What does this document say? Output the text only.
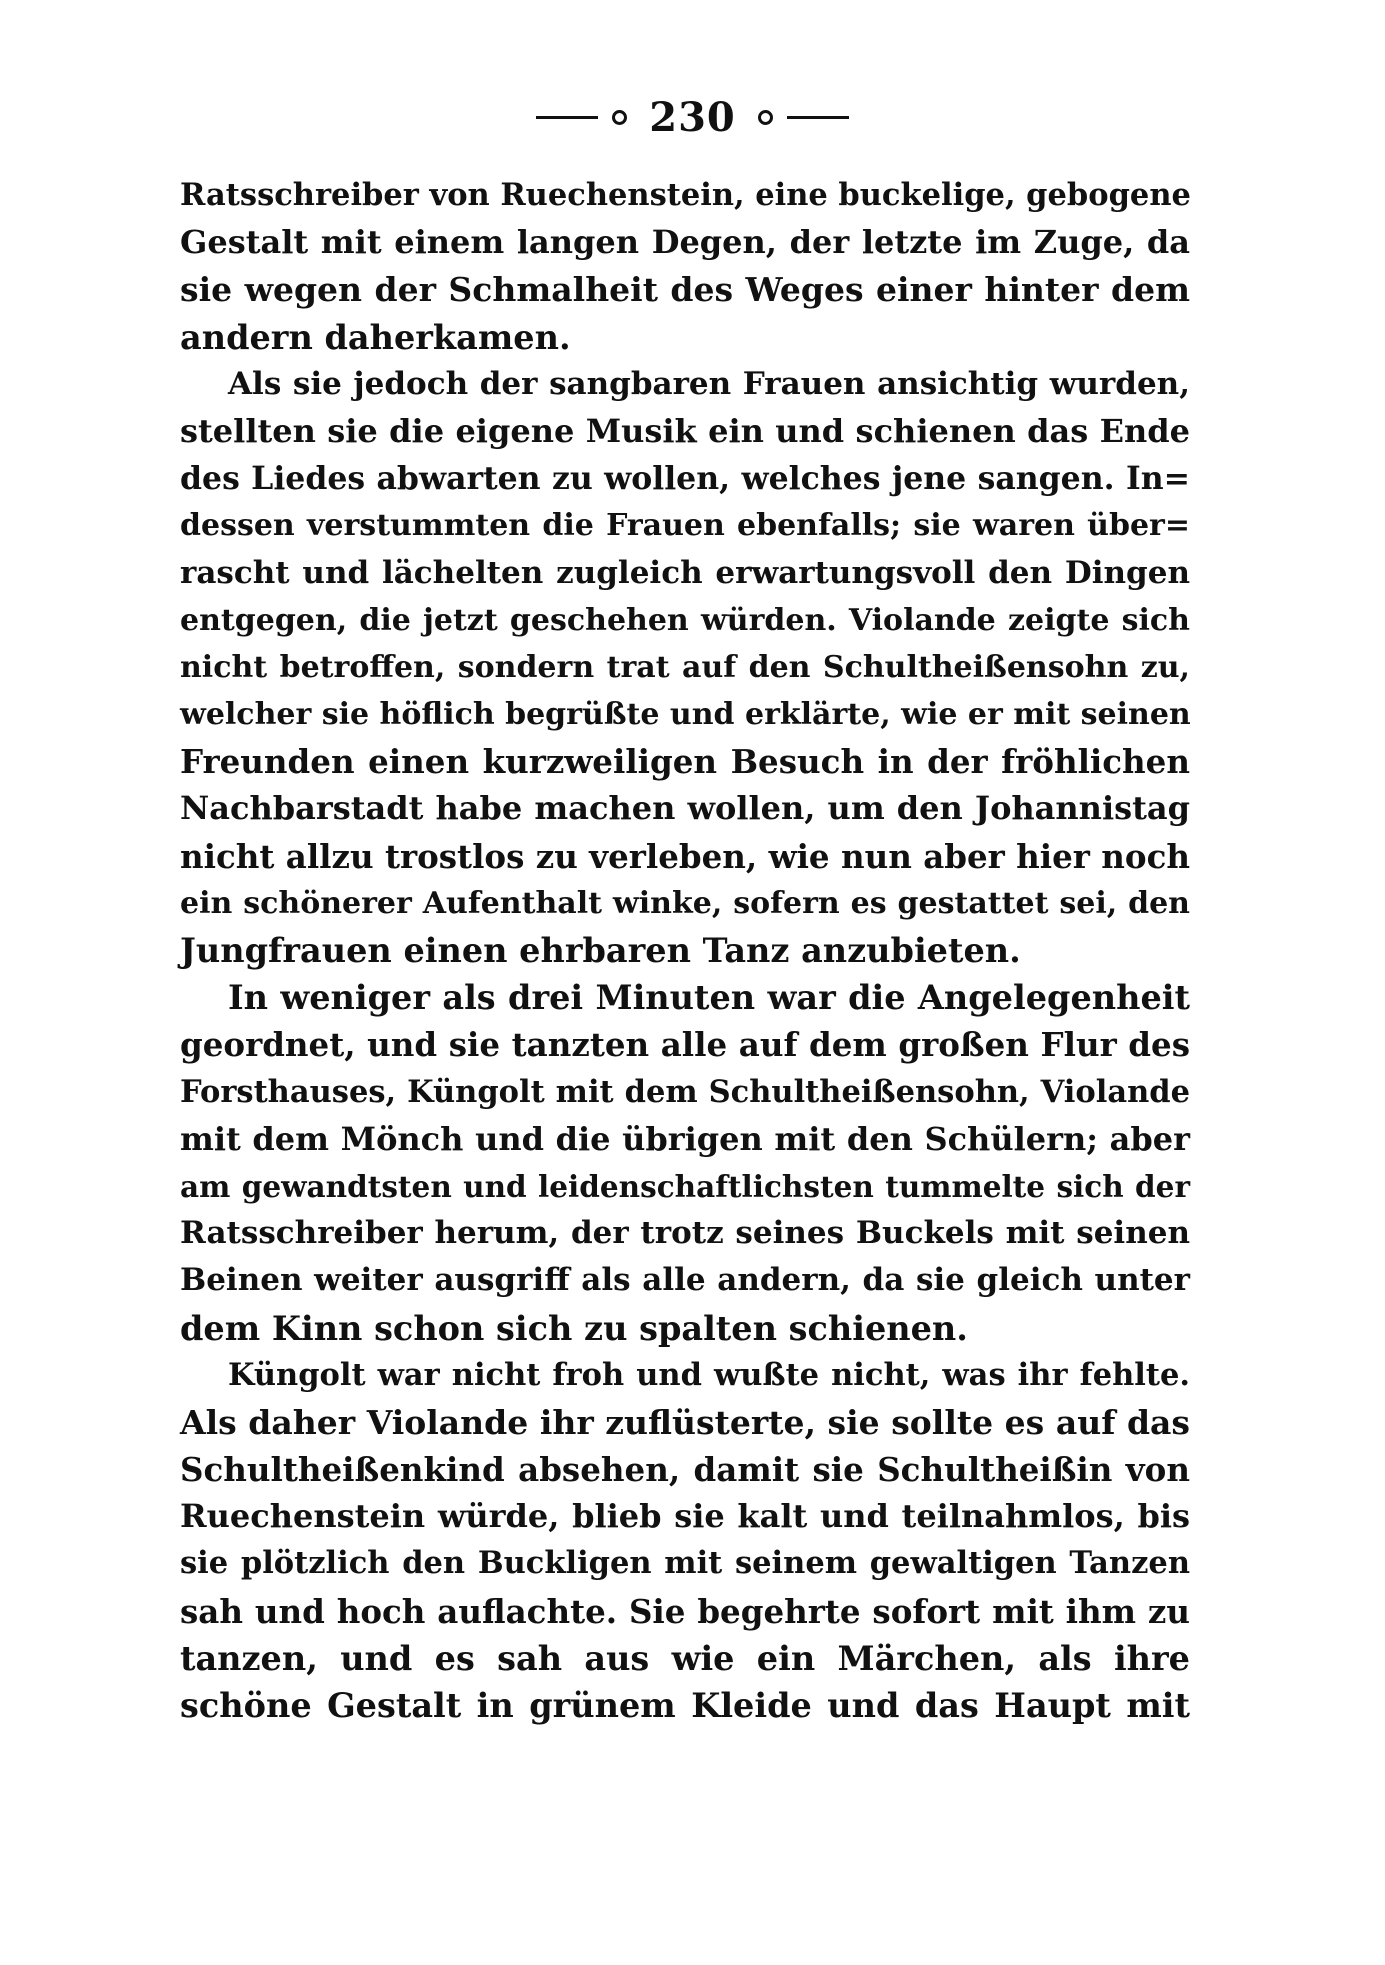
230
Ratsschreiber von Ruechenstein, eine buckelige, gebogene
Gestalt mit einem langen Degen, der letzte im Zuge, da
sie wegen der Schmalheit des Weges einer hinter dem
andern daherkamen.
Als sie jedoch der sangbaren Frauen ansichtig wurden,
stellten sie die eigene Musik ein und schienen das Ende
des Liedes abwarten zu wollen, welches jene sangen. In=
dessen verstummten die Frauen ebenfalls; sie waren über=
rascht und lächelten zugleich erwartungsvoll den Dingen
entgegen, die jetzt geschehen würden. Violande zeigte sich
nicht betroffen, sondern trat auf den Schultheißensohn zu,
welcher sie höflich begrüßte und erklärte, wie er mit seinen
Freunden einen kurzweiligen Besuch in der fröhlichen
Nachbarstadt habe machen wollen, um den Johannistag
nicht allzu trostlos zu verleben, wie nun aber hier noch
ein schönerer Aufenthalt winke, sofern es gestattet sei, den
Jungfrauen einen ehrbaren Tanz anzubieten.
In weniger als drei Minuten war die Angelegenheit
geordnet, und sie tanzten alle auf dem großen Flur des
Forsthauses, Küngolt mit dem Schultheißensohn, Violande
mit dem Mönch und die übrigen mit den Schülern; aber
am gewandtsten und leidenschaftlichsten tummelte sich der
Ratsschreiber herum, der trotz seines Buckels mit seinen
Beinen weiter ausgriff als alle andern, da sie gleich unter
dem Kinn schon sich zu spalten schienen.
Küngolt war nicht froh und wußte nicht, was ihr fehlte.
Als daher Violande ihr zuflüsterte, sie sollte es auf das
Schultheißenkind absehen, damit sie Schultheißin von
Ruechenstein würde, blieb sie kalt und teilnahmlos, bis
sie plötzlich den Buckligen mit seinem gewaltigen Tanzen
sah und hoch auflachte. Sie begehrte sofort mit ihm zu
tanzen, und es sah aus wie ein Märchen, als ihre
schöne Gestalt in grünem Kleide und das Haupt mit
